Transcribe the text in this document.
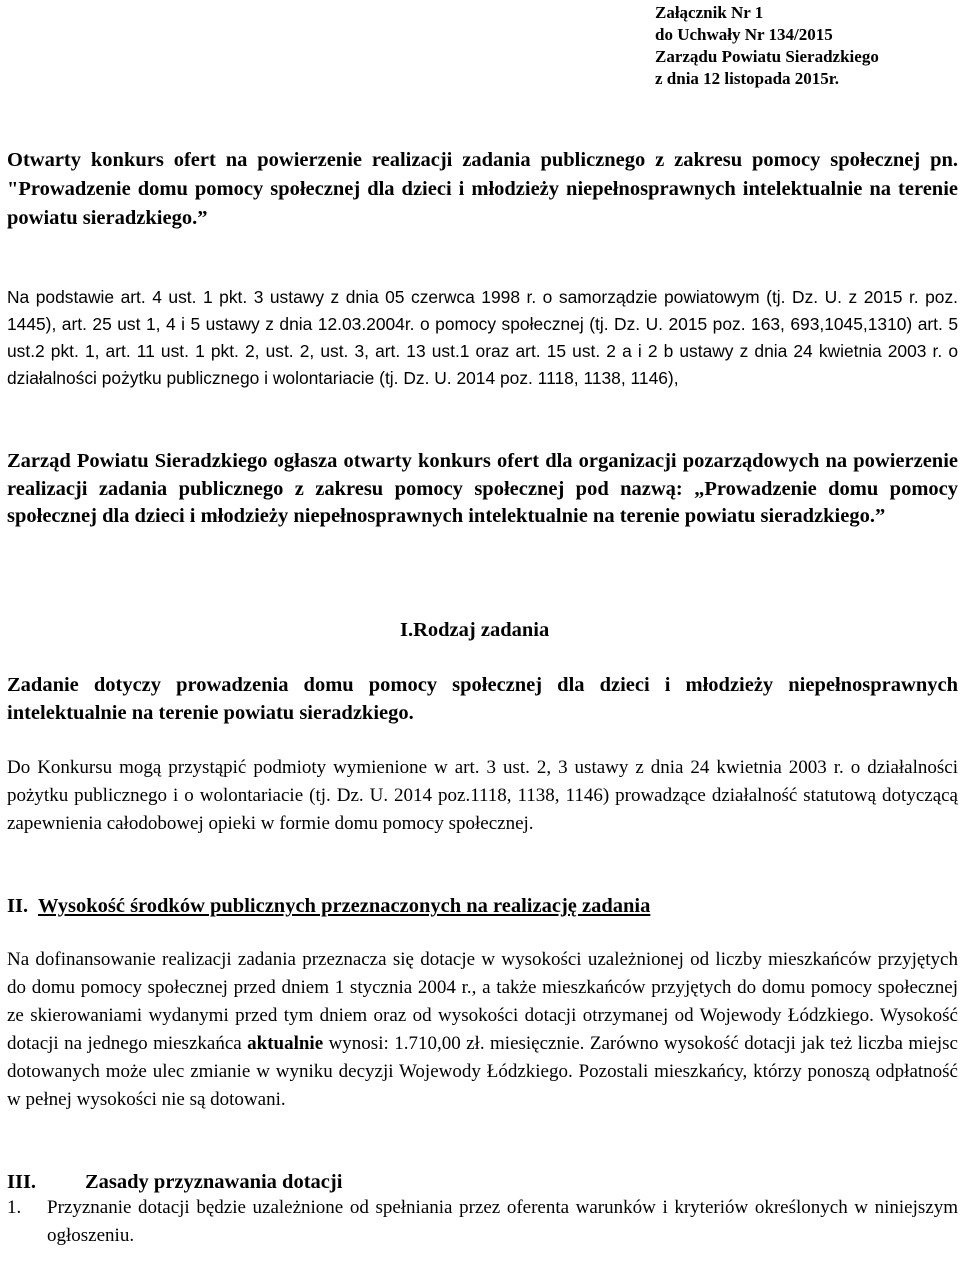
Załącznik Nr 1
do Uchwały Nr 134/2015
Zarządu Powiatu Sieradzkiego
z dnia 12 listopada 2015r.
Otwarty konkurs ofert na powierzenie realizacji zadania publicznego z zakresu pomocy społecznej pn. "Prowadzenie domu pomocy społecznej dla dzieci i młodzieży niepełnosprawnych intelektualnie na terenie powiatu sieradzkiego.”
Na podstawie art. 4 ust. 1 pkt. 3 ustawy z dnia 05 czerwca 1998 r. o samorządzie powiatowym (tj. Dz. U. z 2015 r. poz. 1445), art. 25 ust 1, 4 i 5 ustawy z dnia 12.03.2004r. o pomocy społecznej (tj. Dz. U. 2015 poz. 163, 693,1045,1310) art. 5 ust.2 pkt. 1, art. 11 ust. 1 pkt. 2, ust. 2, ust. 3, art. 13 ust.1 oraz art. 15 ust. 2 a i 2 b ustawy z dnia 24 kwietnia 2003 r. o działalności pożytku publicznego i wolontariacie (tj. Dz. U. 2014 poz. 1118, 1138, 1146),
Zarząd Powiatu Sieradzkiego ogłasza otwarty konkurs ofert dla organizacji pozarządowych na powierzenie realizacji zadania publicznego z zakresu pomocy społecznej pod nazwą: „Prowadzenie domu pomocy społecznej dla dzieci i młodzieży niepełnosprawnych intelektualnie na terenie powiatu sieradzkiego.”
I.Rodzaj zadania
Zadanie dotyczy prowadzenia domu pomocy społecznej dla dzieci i młodzieży niepełnosprawnych intelektualnie na terenie powiatu sieradzkiego.
Do Konkursu mogą przystąpić podmioty wymienione w art. 3 ust. 2, 3 ustawy z dnia 24 kwietnia 2003 r. o działalności pożytku publicznego i o wolontariacie (tj. Dz. U. 2014 poz.1118, 1138, 1146) prowadzące działalność statutową dotyczącą zapewnienia całodobowej opieki w formie domu pomocy społecznej.
II. Wysokość środków publicznych przeznaczonych na realizację zadania
Na dofinansowanie realizacji zadania przeznacza się dotacje w wysokości uzależnionej od liczby mieszkańców przyjętych do domu pomocy społecznej przed dniem 1 stycznia 2004 r., a także mieszkańców przyjętych do domu pomocy społecznej ze skierowaniami wydanymi przed tym dniem oraz od wysokości dotacji otrzymanej od Wojewody Łódzkiego. Wysokość dotacji na jednego mieszkańca aktualnie wynosi: 1.710,00 zł. miesięcznie. Zarówno wysokość dotacji jak też liczba miejsc dotowanych może ulec zmianie w wyniku decyzji Wojewody Łódzkiego. Pozostali mieszkańcy, którzy ponoszą odpłatność w pełnej wysokości nie są dotowani.
III. Zasady przyznawania dotacji
1. Przyznanie dotacji będzie uzależnione od spełniania przez oferenta warunków i kryteriów określonych w niniejszym ogłoszeniu.
